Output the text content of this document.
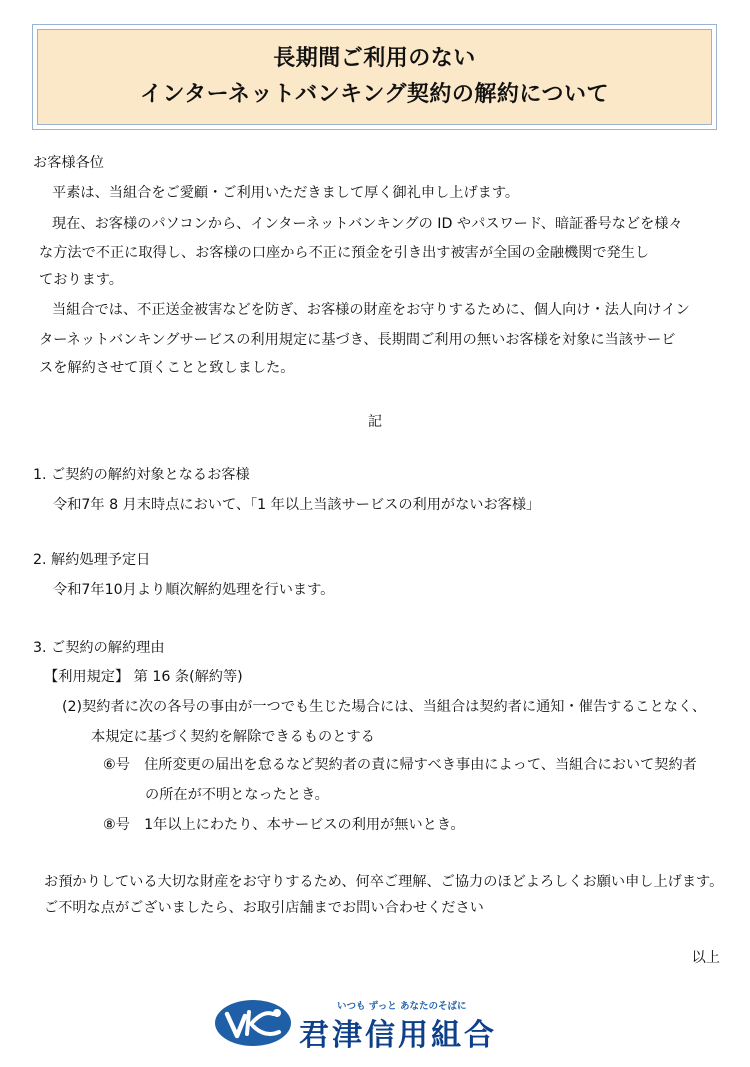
長期間ご利用のない
インターネットバンキング契約の解約について
お客様各位
平素は、当組合をご愛顧・ご利用いただきまして厚く御礼申し上げます。
現在、お客様のパソコンから、インターネットバンキングの ID やパスワード、暗証番号などを様々
な方法で不正に取得し、お客様の口座から不正に預金を引き出す被害が全国の金融機関で発生し
ております。
当組合では、不正送金被害などを防ぎ、お客様の財産をお守りするために、個人向け・法人向けイン
ターネットバンキングサービスの利用規定に基づき、長期間ご利用の無いお客様を対象に当該サービ
スを解約させて頂くことと致しました。
記
1. ご契約の解約対象となるお客様
令和7年 8 月末時点において、「1 年以上当該サービスの利用がないお客様」
2. 解約処理予定日
令和7年10月より順次解約処理を行います。
3. ご契約の解約理由
【利用規定】 第 16 条(解約等)
(2)契約者に次の各号の事由が一つでも生じた場合には、当組合は契約者に通知・催告することなく、
本規定に基づく契約を解除できるものとする
⑥号　住所変更の届出を怠るなど契約者の責に帰すべき事由によって、当組合において契約者
の所在が不明となったとき。
⑧号　1年以上にわたり、本サービスの利用が無いとき。
お預かりしている大切な財産をお守りするため、何卒ご理解、ご協力のほどよろしくお願い申し上げます。
ご不明な点がございましたら、お取引店舗までお問い合わせください
以上
いつも ずっと あなたのそばに
君津信用組合
